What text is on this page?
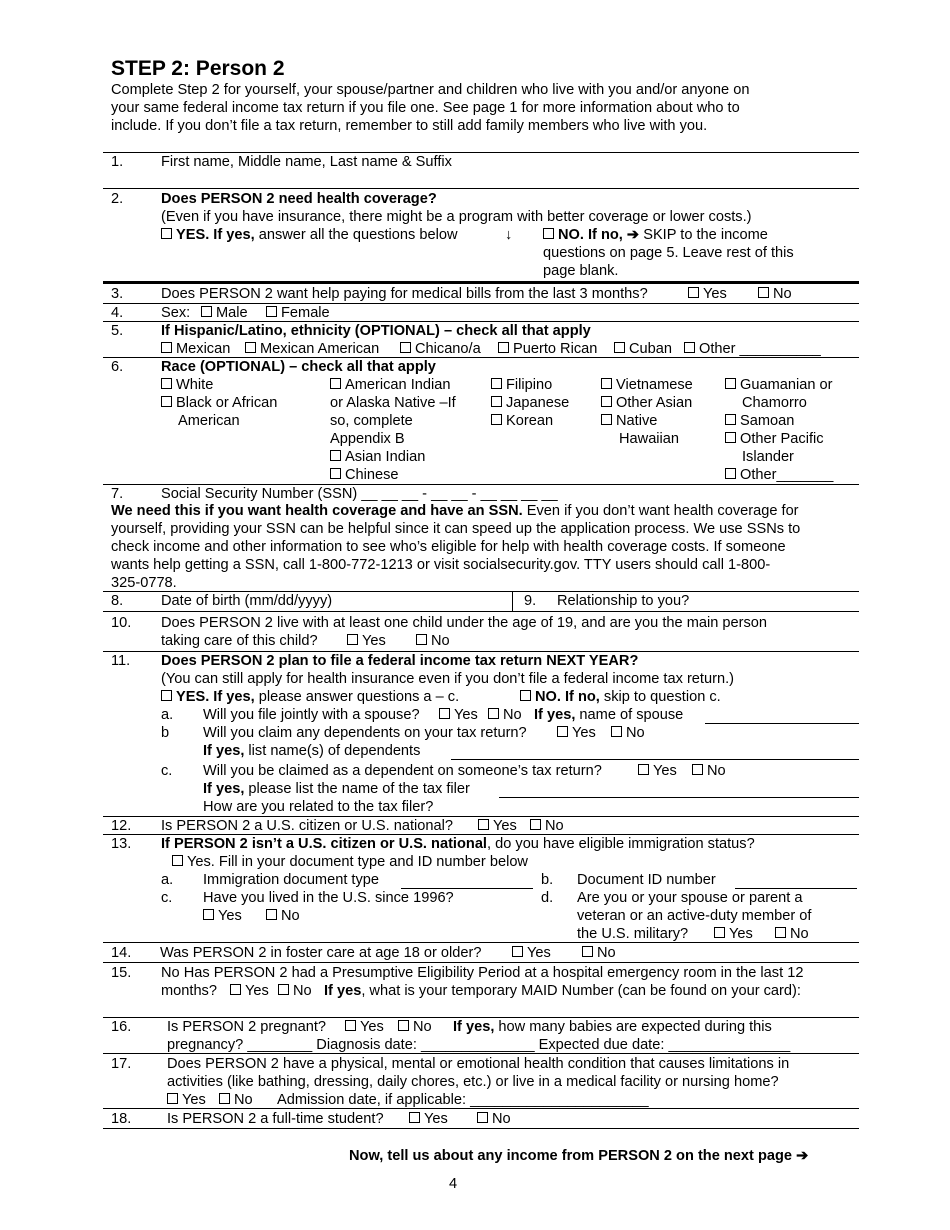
STEP 2: Person 2
Complete Step 2 for yourself, your spouse/partner and children who live with you and/or anyone on
your same federal income tax return if you file one. See page 1 for more information about who to
include. If you don’t file a tax return, remember to still add family members who live with you.
1.	First name, Middle name, Last name & Suffix
2.	Does PERSON 2 need health coverage?
(Even if you have insurance, there might be a program with better coverage or lower costs.)
YES. If yes, answer all the questions below	↓	NO. If no, ➔ SKIP to the income
questions on page 5. Leave rest of this
page blank.
3.	Does PERSON 2 want help paying for medical bills from the last 3 months?	Yes	No
4.	Sex:	Male	Female
5.	If Hispanic/Latino, ethnicity (OPTIONAL) – check all that apply
Mexican	Mexican American	Chicano/a	Puerto Rican	Cuban	Other __________
6.	Race (OPTIONAL) – check all that apply
White
Black or African
American
American Indian
or Alaska Native –If
so, complete
Appendix B
Asian Indian
Chinese
Filipino
Japanese
Korean
Vietnamese
Other Asian
Native
Hawaiian
Guamanian or
Chamorro
Samoan
Other Pacific
Islander
Other_______
7.	Social Security Number (SSN) __ __ __ - __ __ - __ __ __ __
We need this if you want health coverage and have an SSN. Even if you don’t want health coverage for
yourself, providing your SSN can be helpful since it can speed up the application process. We use SSNs to
check income and other information to see who’s eligible for help with health coverage costs. If someone
wants help getting a SSN, call 1-800-772-1213 or visit socialsecurity.gov. TTY users should call 1-800-
325-0778.
8.	Date of birth (mm/dd/yyyy)	9. Relationship to you?
10. Does PERSON 2 live with at least one child under the age of 19, and are you the main person
taking care of this child?	Yes	No
11. Does PERSON 2 plan to file a federal income tax return NEXT YEAR?
(You can still apply for health insurance even if you don’t file a federal income tax return.)
YES. If yes, please answer questions a – c.	NO. If no, skip to question c.
a. Will you file jointly with a spouse?	Yes	No If yes, name of spouse
b Will you claim any dependents on your tax return?	Yes	No
If yes, list name(s) of dependents
c. Will you be claimed as a dependent on someone’s tax return?	Yes	No
If yes, please list the name of the tax filer
How are you related to the tax filer?
12. Is PERSON 2 a U.S. citizen or U.S. national?	Yes	No
13. If PERSON 2 isn’t a U.S. citizen or U.S. national, do you have eligible immigration status?
Yes. Fill in your document type and ID number below
a. Immigration document type	b. Document ID number
c. Have you lived in the U.S. since 1996?
Yes	No
d. Are you or your spouse or parent a
veteran or an active-duty member of
the U.S. military?	Yes	No
14. Was PERSON 2 in foster care at age 18 or older?	Yes	No
15. No Has PERSON 2 had a Presumptive Eligibility Period at a hospital emergency room in the last 12
months?	Yes	No If yes, what is your temporary MAID Number (can be found on your card):
16. Is PERSON 2 pregnant?	Yes	No If yes, how many babies are expected during this
pregnancy? ________ Diagnosis date: ______________ Expected due date: _______________
17. Does PERSON 2 have a physical, mental or emotional health condition that causes limitations in
activities (like bathing, dressing, daily chores, etc.) or live in a medical facility or nursing home?
Yes	No Admission date, if applicable: ______________________
18. Is PERSON 2 a full-time student?	Yes	No
Now, tell us about any income from PERSON 2 on the next page ➔
4
